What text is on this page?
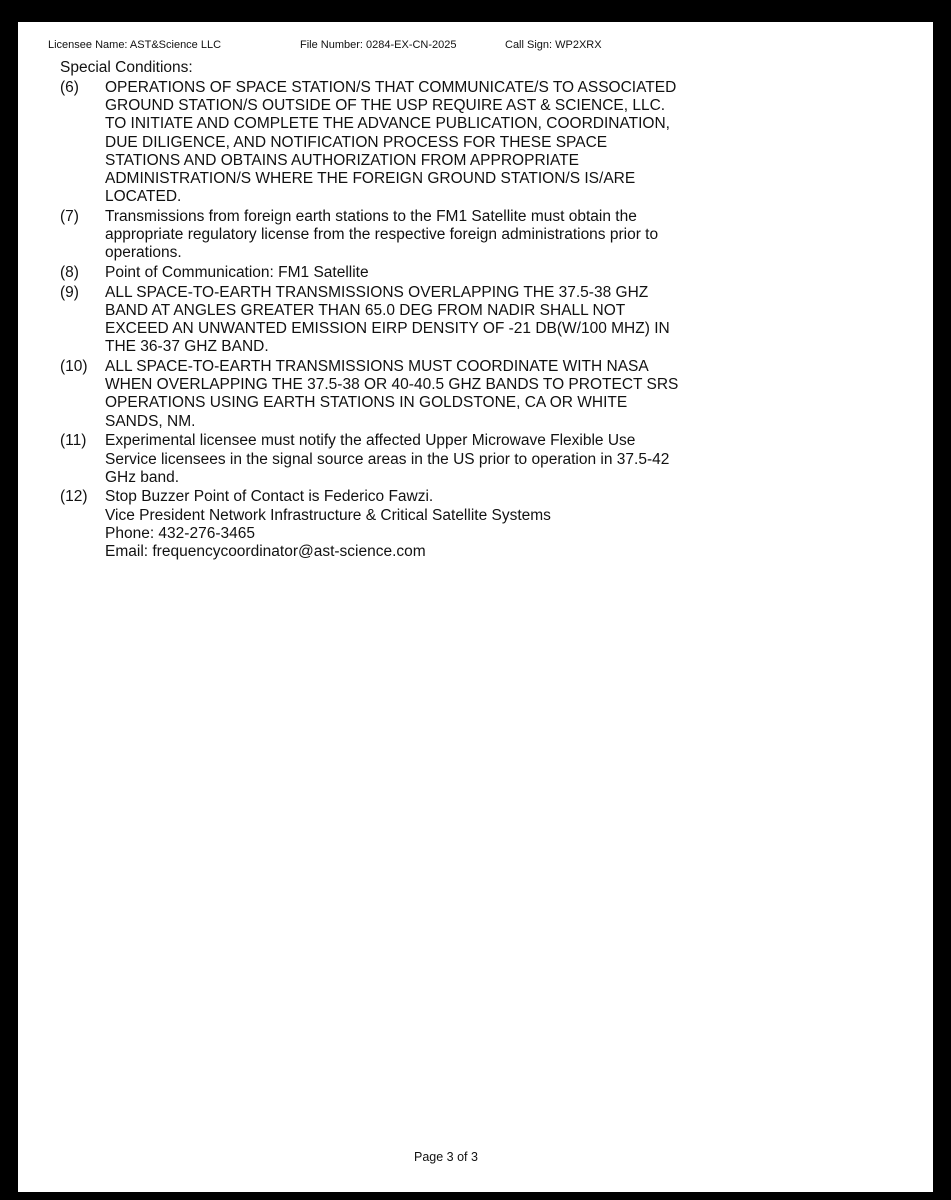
Licensee Name: AST&Science LLC	File Number: 0284-EX-CN-2025	Call Sign: WP2XRX
Special Conditions:
(6)	OPERATIONS OF SPACE STATION/S THAT COMMUNICATE/S TO ASSOCIATED
GROUND STATION/S OUTSIDE OF THE USP REQUIRE AST & SCIENCE, LLC.
TO INITIATE AND COMPLETE THE ADVANCE PUBLICATION, COORDINATION,
DUE DILIGENCE, AND NOTIFICATION PROCESS FOR THESE SPACE
STATIONS AND OBTAINS AUTHORIZATION FROM APPROPRIATE
ADMINISTRATION/S WHERE THE FOREIGN GROUND STATION/S IS/ARE
LOCATED.
(7)	Transmissions from foreign earth stations to the FM1 Satellite must obtain the
appropriate regulatory license from the respective foreign administrations prior to
operations.
(8)	Point of Communication: FM1 Satellite
(9)	ALL SPACE-TO-EARTH TRANSMISSIONS OVERLAPPING THE 37.5-38 GHZ
BAND AT ANGLES GREATER THAN 65.0 DEG FROM NADIR SHALL NOT
EXCEED AN UNWANTED EMISSION EIRP DENSITY OF -21 DB(W/100 MHZ) IN
THE 36-37 GHZ BAND.
(10)	ALL SPACE-TO-EARTH TRANSMISSIONS MUST COORDINATE WITH NASA
WHEN OVERLAPPING THE 37.5-38 OR 40-40.5 GHZ BANDS TO PROTECT SRS
OPERATIONS USING EARTH STATIONS IN GOLDSTONE, CA OR WHITE
SANDS, NM.
(11)	Experimental licensee must notify the affected Upper Microwave Flexible Use
Service licensees in the signal source areas in the US prior to operation in 37.5-42
GHz band.
(12)	Stop Buzzer Point of Contact is Federico Fawzi.
Vice President Network Infrastructure & Critical Satellite Systems
Phone: 432-276-3465
Email: frequencycoordinator@ast-science.com
Page 3 of 3
